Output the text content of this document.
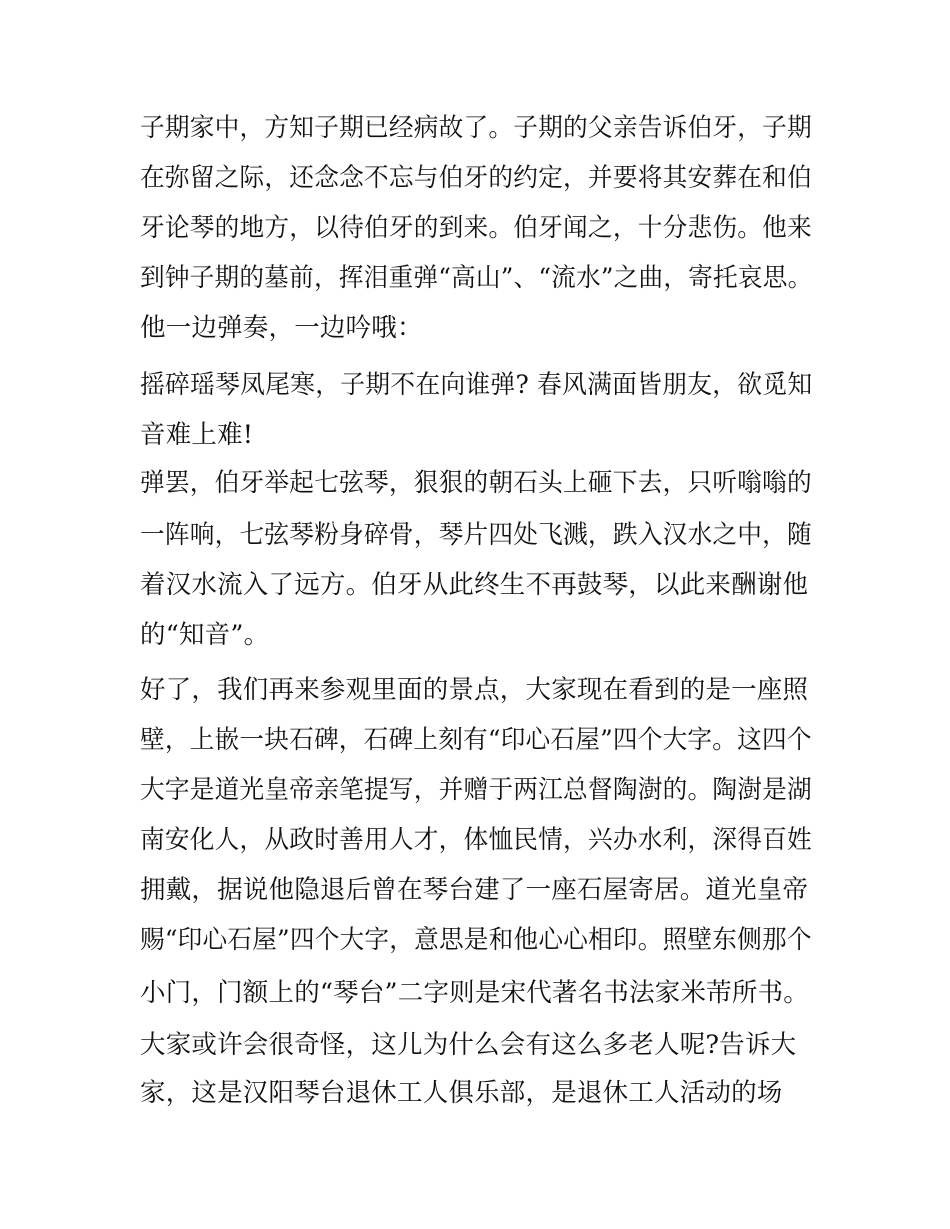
子期家中，方知子期已经病故了。子期的父亲告诉伯牙，子期
在弥留之际，还念念不忘与伯牙的约定，并要将其安葬在和伯
牙论琴的地方，以待伯牙的到来。伯牙闻之，十分悲伤。他来
到钟子期的墓前，挥泪重弹“高山”、“流水”之曲，寄托哀思。
他一边弹奏，一边吟哦：
摇碎瑶琴凤尾寒，子期不在向谁弹? 春风满面皆朋友，欲觅知
音难上难!
弹罢，伯牙举起七弦琴，狠狠的朝石头上砸下去，只听嗡嗡的
一阵响，七弦琴粉身碎骨，琴片四处飞溅，跌入汉水之中，随
着汉水流入了远方。伯牙从此终生不再鼓琴，以此来酬谢他
的“知音”。
好了，我们再来参观里面的景点，大家现在看到的是一座照
壁，上嵌一块石碑，石碑上刻有“印心石屋”四个大字。这四个
大字是道光皇帝亲笔提写，并赠于两江总督陶澍的。陶澍是湖
南安化人，从政时善用人才，体恤民情，兴办水利，深得百姓
拥戴，据说他隐退后曾在琴台建了一座石屋寄居。道光皇帝
赐“印心石屋”四个大字，意思是和他心心相印。照壁东侧那个
小门，门额上的“琴台”二字则是宋代著名书法家米芾所书。
大家或许会很奇怪，这儿为什么会有这么多老人呢?告诉大
家，这是汉阳琴台退休工人俱乐部，是退休工人活动的场
